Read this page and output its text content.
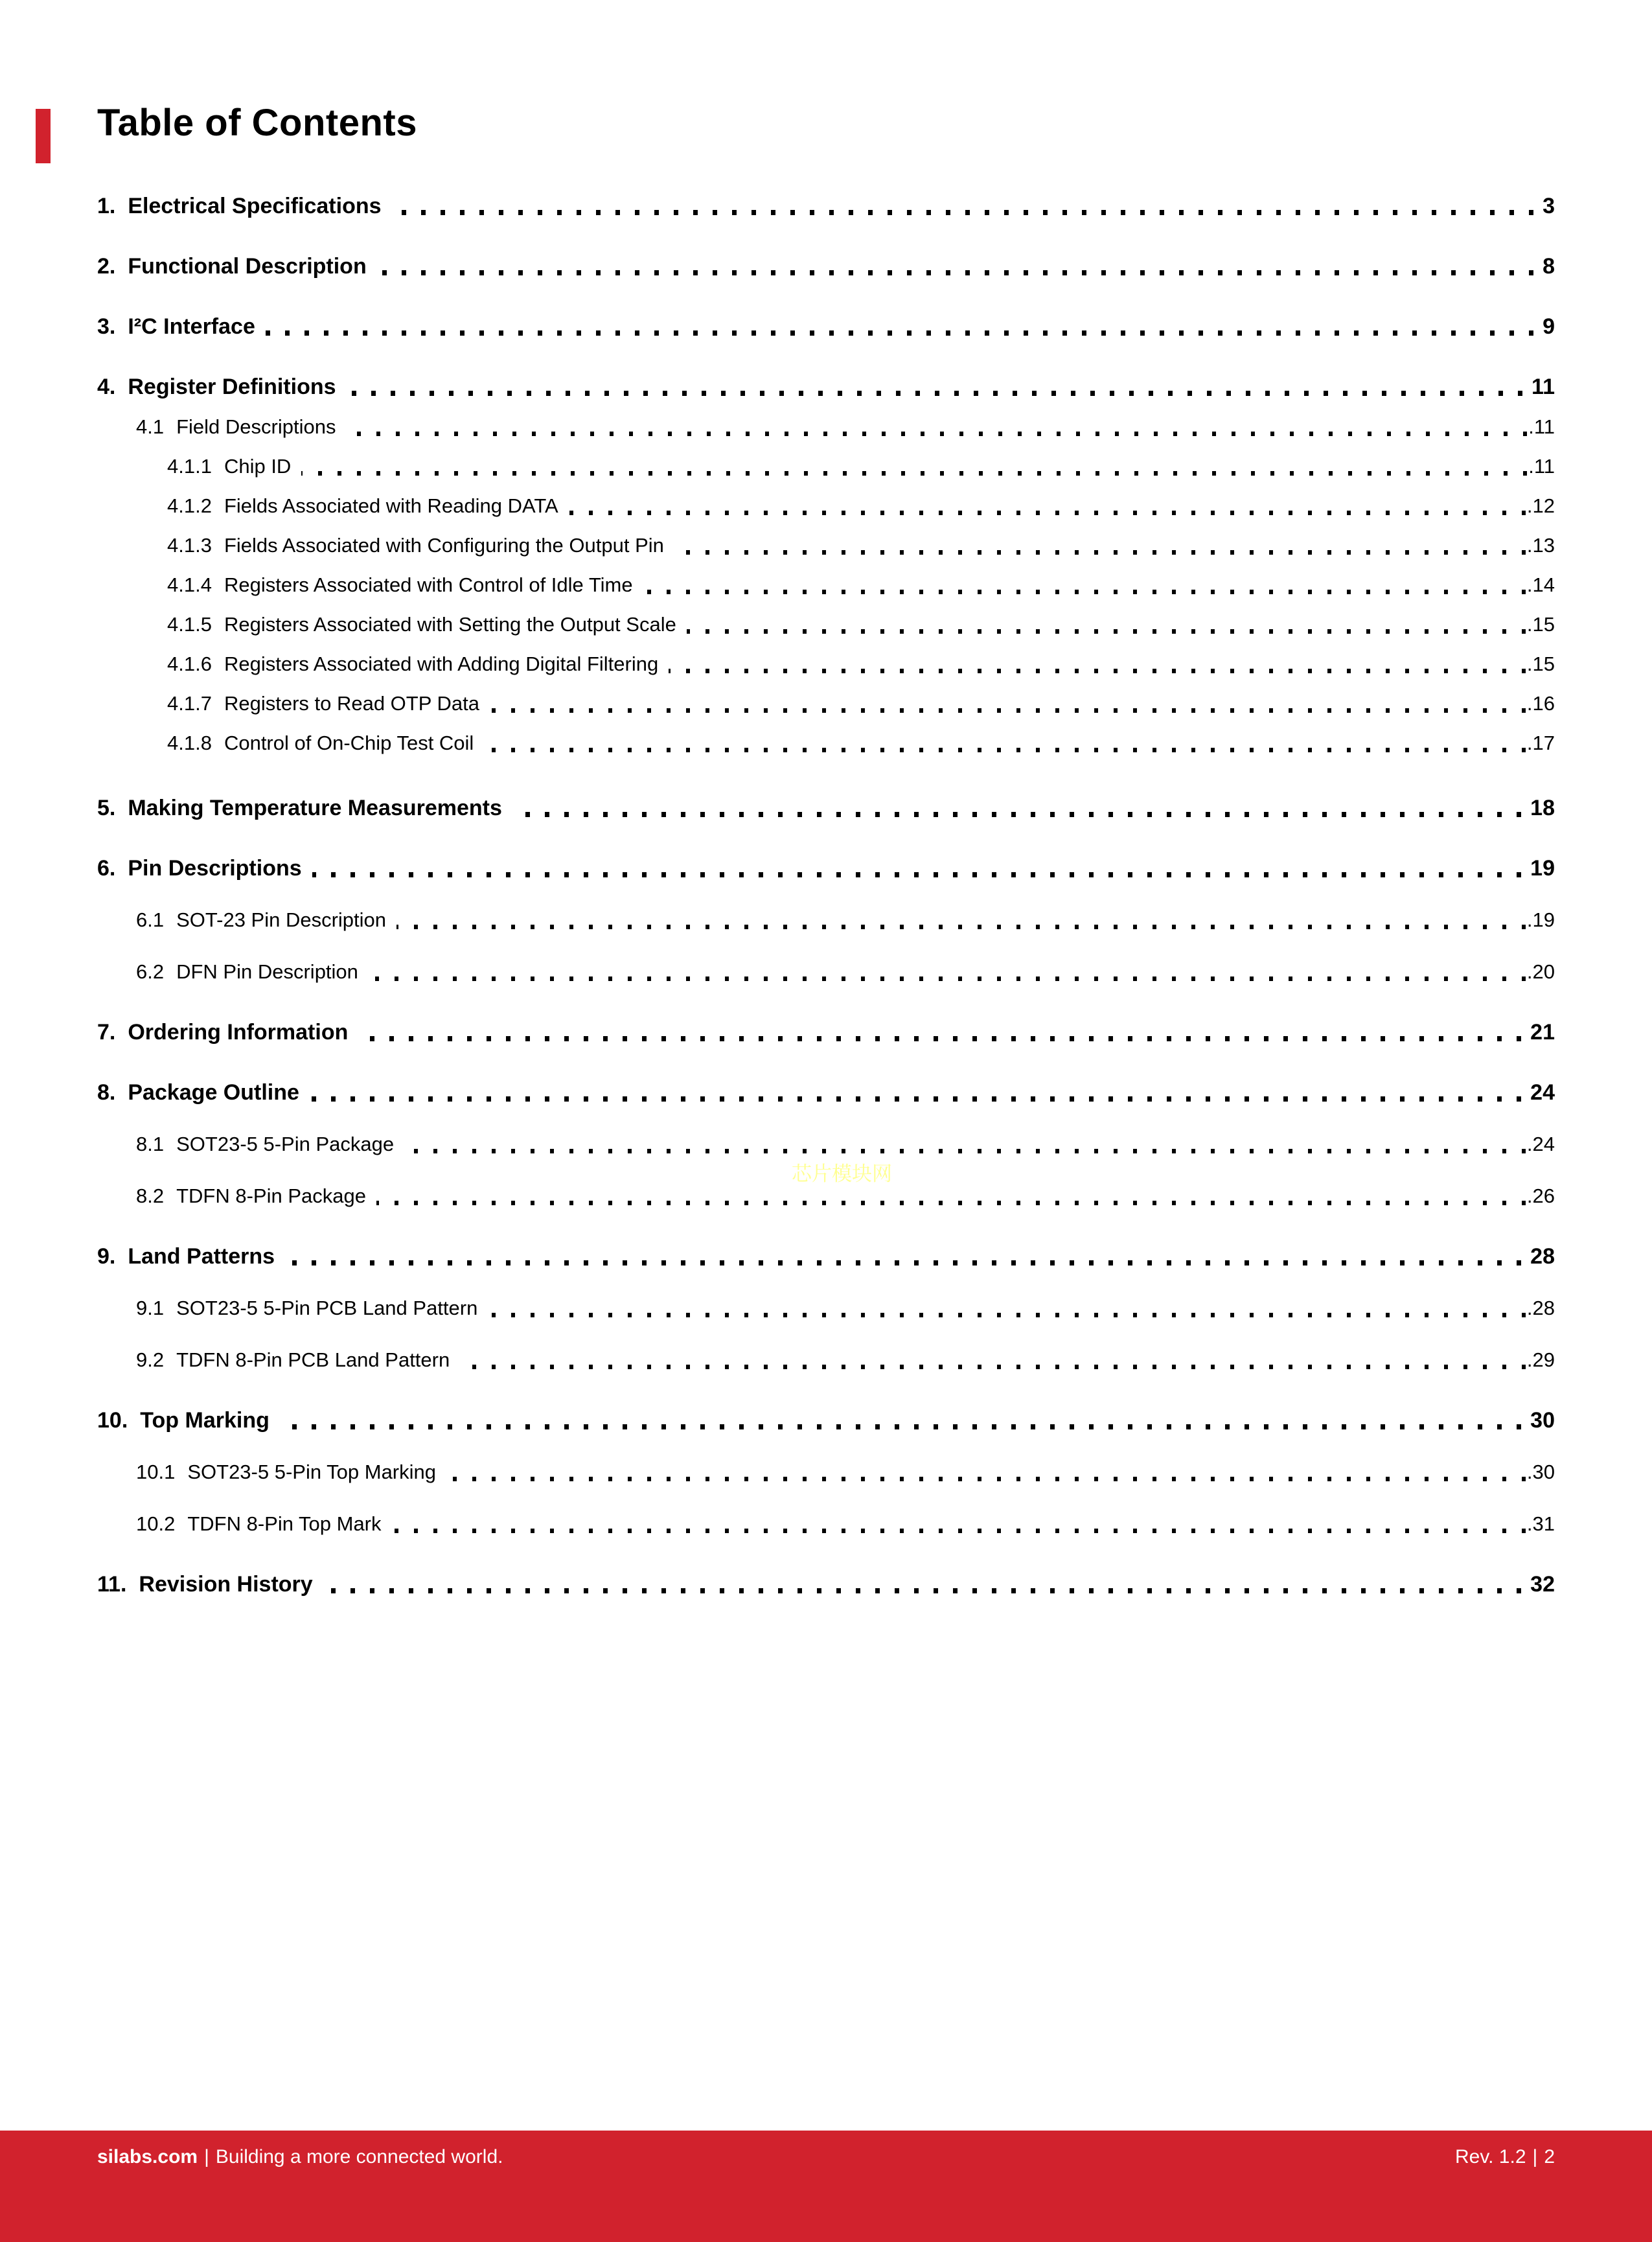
Table of Contents
1. Electrical Specifications	3
2. Functional Description	8
3. I²C Interface	9
4. Register Definitions	11
4.1 Field Descriptions	. 11
4.1.1 Chip ID	. 11
4.1.2 Fields Associated with Reading DATA	. 12
4.1.3 Fields Associated with Configuring the Output Pin	. 13
4.1.4 Registers Associated with Control of Idle Time	. 14
4.1.5 Registers Associated with Setting the Output Scale	. 15
4.1.6 Registers Associated with Adding Digital Filtering	. 15
4.1.7 Registers to Read OTP Data	. 16
4.1.8 Control of On-Chip Test Coil	. 17
5. Making Temperature Measurements	18
6. Pin Descriptions	19
6.1 SOT-23 Pin Description	. 19
6.2 DFN Pin Description	. 20
7. Ordering Information	21
8. Package Outline	24
8.1 SOT23-5 5-Pin Package	. 24
8.2 TDFN 8-Pin Package	. 26
9. Land Patterns	28
9.1 SOT23-5 5-Pin PCB Land Pattern	. 28
9.2 TDFN 8-Pin PCB Land Pattern	. 29
10. Top Marking	30
10.1 SOT23-5 5-Pin Top Marking	. 30
10.2 TDFN 8-Pin Top Mark	. 31
11. Revision History	32
芯片模块网
silabs.com | Building a more connected world.	Rev. 1.2 | 2
